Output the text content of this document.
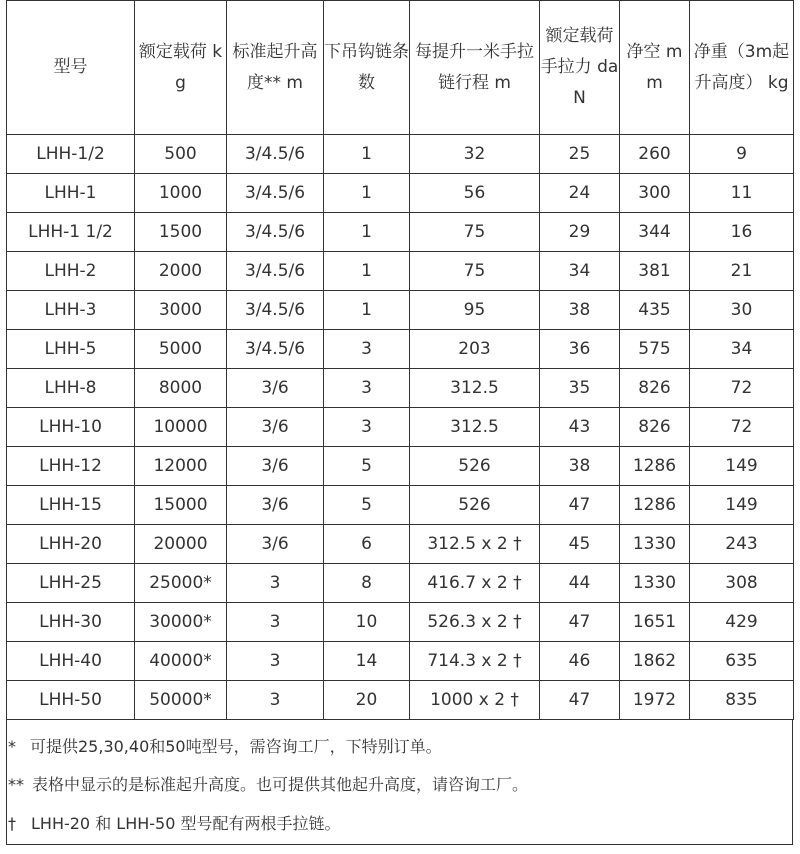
型号	额定载荷 kg	标准起升高度** m	下吊钩链条数	每提升一米手拉链行程 m	额定载荷手拉力 daN	净空 mm	净重（3m起升高度） kg
LHH-1/2	500	3/4.5/6	1	32	25	260	9
LHH-1	1000	3/4.5/6	1	56	24	300	11
LHH-1 1/2	1500	3/4.5/6	1	75	29	344	16
LHH-2	2000	3/4.5/6	1	75	34	381	21
LHH-3	3000	3/4.5/6	1	95	38	435	30
LHH-5	5000	3/4.5/6	3	203	36	575	34
LHH-8	8000	3/6	3	312.5	35	826	72
LHH-10	10000	3/6	3	312.5	43	826	72
LHH-12	12000	3/6	5	526	38	1286	149
LHH-15	15000	3/6	5	526	47	1286	149
LHH-20	20000	3/6	6	312.5 x 2 †	45	1330	243
LHH-25	25000*	3	8	416.7 x 2 †	44	1330	308
LHH-30	30000*	3	10	526.3 x 2 †	47	1651	429
LHH-40	40000*	3	14	714.3 x 2 †	46	1862	635
LHH-50	50000*	3	20	1000 x 2 †	47	1972	835
* 可提供25,30,40和50吨型号，需咨询工厂，下特别订单。
** 表格中显示的是标准起升高度。也可提供其他起升高度，请咨询工厂。
† LHH-20 和 LHH-50 型号配有两根手拉链。
